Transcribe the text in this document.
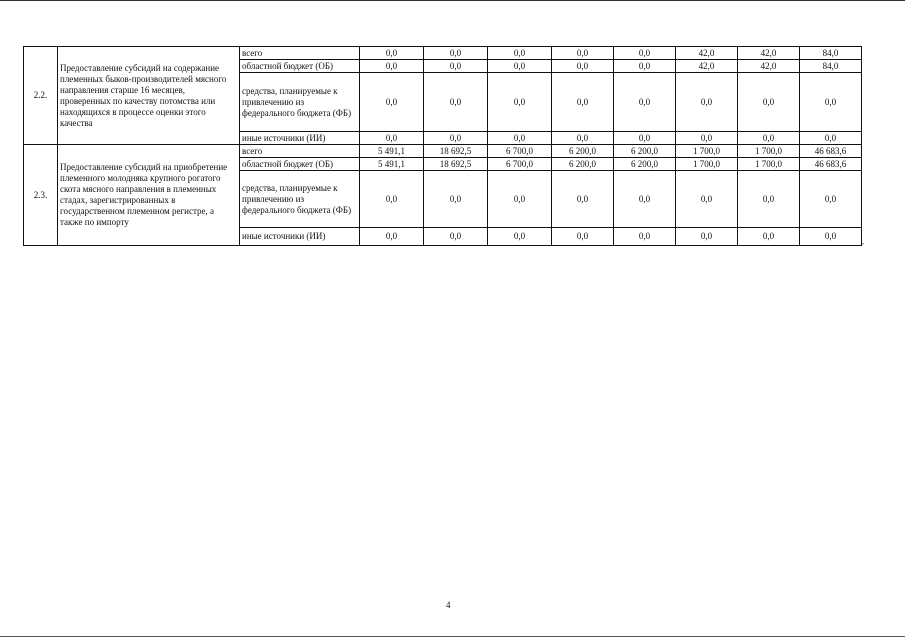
2.2.	Предоставление субсидий на содержание племенных быков-производителей мясного направления старше 16 месяцев, проверенных по качеству потомства или находящихся в процессе оценки этого качества	всего	0,0	0,0	0,0	0,0	0,0	42,0	42,0	84,0
		областной бюджет (ОБ)	0,0	0,0	0,0	0,0	0,0	42,0	42,0	84,0
		средства, планируемые к привлечению из федерального бюджета (ФБ)	0,0	0,0	0,0	0,0	0,0	0,0	0,0	0,0
		иные источники (ИИ)	0,0	0,0	0,0	0,0	0,0	0,0	0,0	0,0
2.3.	Предоставление субсидий на приобретение племенного молодняка крупного рогатого скота мясного направления в племенных стадах, зарегистрированных в государственном племенном регистре, а также по импорту	всего	5 491,1	18 692,5	6 700,0	6 200,0	6 200,0	1 700,0	1 700,0	46 683,6
		областной бюджет (ОБ)	5 491,1	18 692,5	6 700,0	6 200,0	6 200,0	1 700,0	1 700,0	46 683,6
		средства, планируемые к привлечению из федерального бюджета (ФБ)	0,0	0,0	0,0	0,0	0,0	0,0	0,0	0,0
		иные источники (ИИ)	0,0	0,0	0,0	0,0	0,0	0,0	0,0	0,0
»
4
